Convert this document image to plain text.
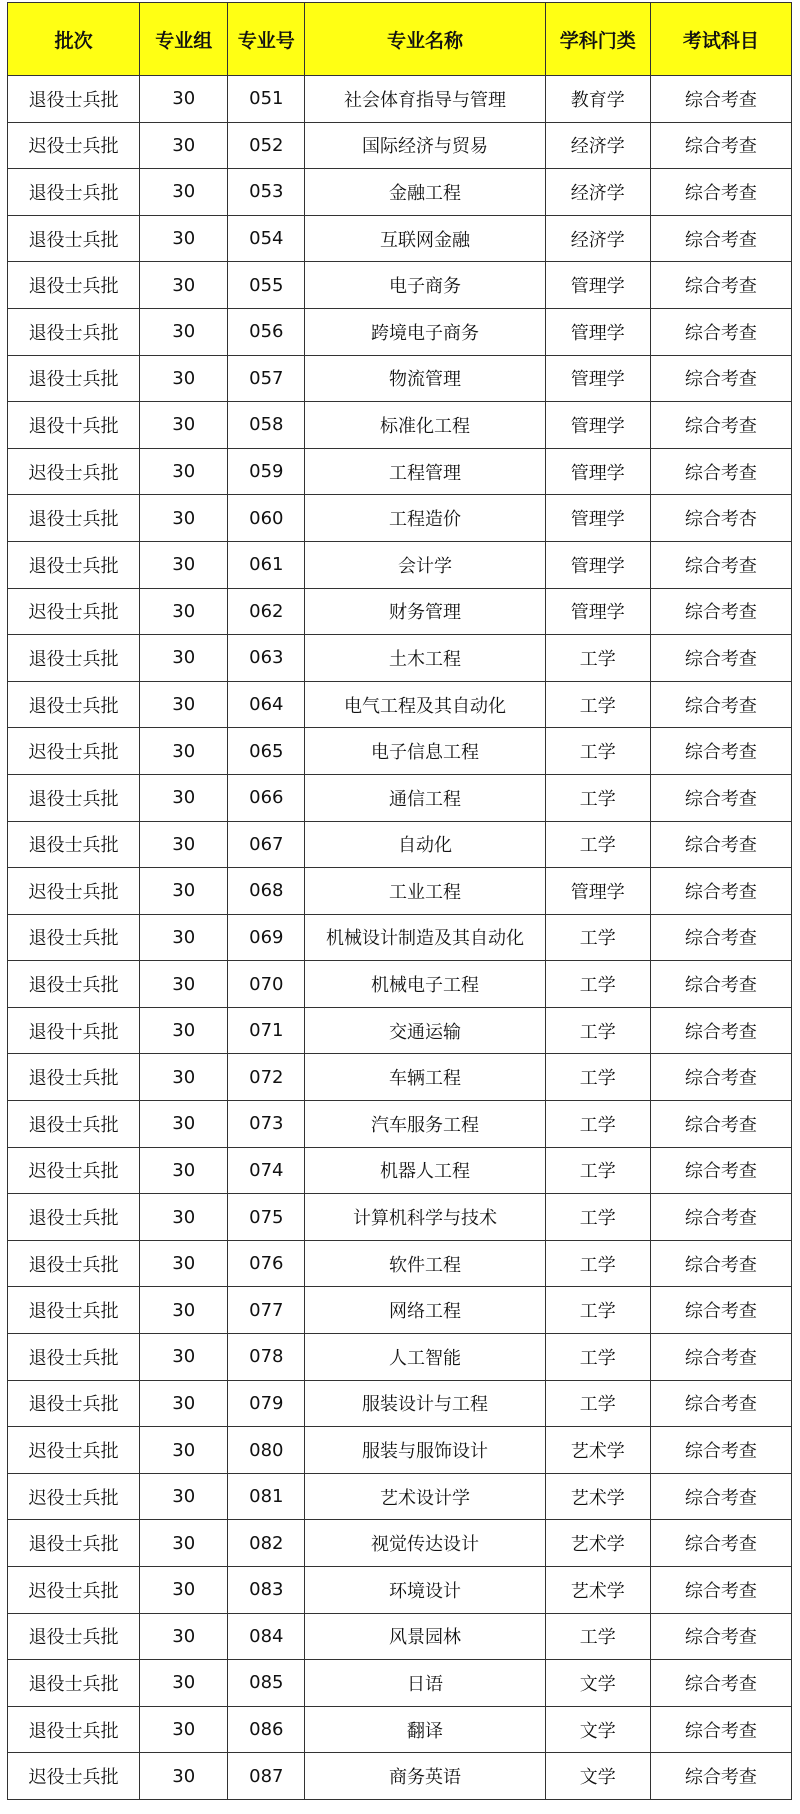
批次	专业组	专业号	专业名称	学科门类	考试科目
退役士兵批	30	051	社会体育指导与管理	教育学	综合考查
迟役士兵批	30	052	国际经济与贸易	经济学	综合考查
退役士兵批	30	053	金融工程	经济学	综合考查
退役士兵批	30	054	互联网金融	经济学	综合考查
退役士兵批	30	055	电子商务	管理学	综合考查
退役士兵批	30	056	跨境电子商务	管理学	综合考查
退役士兵批	30	057	物流管理	管理学	综合考查
退役十兵批	30	058	标准化工程	管理学	综合考查
迟役士兵批	30	059	工程管理	管理学	综合考查
退役士兵批	30	060	工程造价	管理学	综合考杏
退役士兵批	30	061	会计学	管理学	综合考查
迟役士兵批	30	062	财务管理	管理学	综合考查
退役士兵批	30	063	土木工程	工学	综合考查
退役士兵批	30	064	电气工程及其自动化	工学	综合考查
迟役士兵批	30	065	电子信息工程	工学	综合考查
退役士兵批	30	066	通信工程	工学	综合考查
退役士兵批	30	067	自动化	工学	综合考查
迟役士兵批	30	068	工业工程	管理学	综合考查
退役士兵批	30	069	机械设计制造及其自动化	工学	综合考查
退役士兵批	30	070	机械电子工程	工学	综合考查
退役十兵批	30	071	交通运输	工学	综合考查
退役士兵批	30	072	车辆工程	工学	综合考查
退役士兵批	30	073	汽车服务工程	工学	综合考查
迟役士兵批	30	074	机器人工程	工学	综合考查
退役士兵批	30	075	计算机科学与技术	工学	综合考查
退役士兵批	30	076	软件工程	工学	综合考查
退役士兵批	30	077	网络工程	工学	综合考查
退役士兵批	30	078	人工智能	工学	综合考查
退役士兵批	30	079	服装设计与工程	工学	综合考查
迟役士兵批	30	080	服装与服饰设计	艺术学	综合考查
迟役士兵批	30	081	艺术设计学	艺术学	综合考查
退役士兵批	30	082	视觉传达设计	艺术学	综合考查
迟役士兵批	30	083	环境设计	艺术学	综合考查
退役士兵批	30	084	风景园林	工学	综合考查
退役士兵批	30	085	日语	文学	综合考查
退役士兵批	30	086	翻译	文学	综合考查
迟役士兵批	30	087	商务英语	文学	综合考查
